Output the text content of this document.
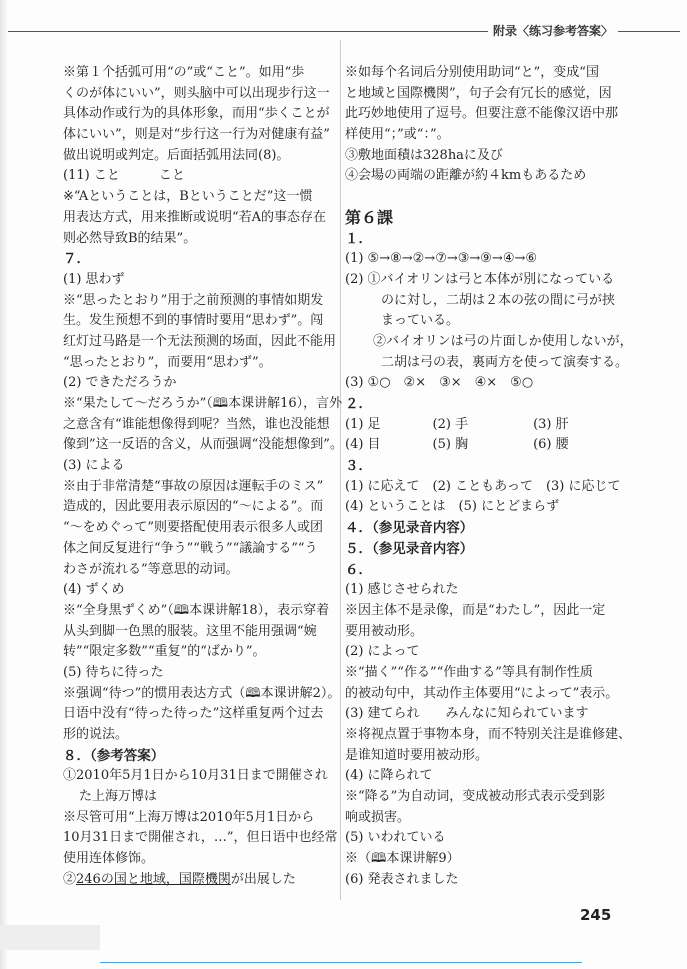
附录〈练习参考答案〉
※第１个括弧可用“の”或“こと”。如用“歩
くのが体にいい”，则头脑中可以出现步行这一
具体动作或行为的具体形象，而用“歩くことが
体にいい”，则是对“步行这一行为对健康有益”
做出说明或判定。后面括弧用法同(8)。
(11) こと　　　こと
※“Aということは，Bということだ”这一惯
用表达方式，用来推断或说明“若A的事态存在
则必然导致B的结果”。
７．
(1) 思わず
※“思ったとおり”用于之前预测的事情如期发
生。发生预想不到的事情时要用“思わず”。闯
红灯过马路是一个无法预测的场面，因此不能用
“思ったとおり”，而要用“思わず”。
(2) できただろうか
※“果たして～だろうか”（🕮本课讲解16），言外
之意含有“谁能想像得到呢？当然，谁也没能想
像到”这一反语的含义，从而强调“没能想像到”。
(3) による
※由于非常清楚“事故の原因は運転手のミス”
造成的，因此要用表示原因的“～による”。而
“～をめぐって”则要搭配使用表示很多人或团
体之间反复进行“争う”“戦う”“議論する”“う
わさが流れる”等意思的动词。
(4) ずくめ
※“全身黒ずくめ”（🕮本课讲解18），表示穿着
从头到脚一色黑的服装。这里不能用强调“婉
转”“限定多数”“重复”的“ばかり”。
(5) 待ちに待った
※强调“待つ”的惯用表达方式（🕮本课讲解2）。
日语中没有“待った待った”这样重复两个过去
形的说法。
８．（参考答案）
①2010年5月1日から10月31日まで開催され
た上海万博は
※尽管可用“上海万博は2010年5月1日から
10月31日まで開催され，…”，但日语中也经常
使用连体修饰。
②246の国と地域，国際機関が出展した
※如每个名词后分别使用助词“と”，变成“国
と地域と国際機関”，句子会有冗长的感觉，因
此巧妙地使用了逗号。但要注意不能像汉语中那
样使用“；”或“：”。
③敷地面積は328haに及び
④会場の両端の距離が約４kmもあるため
第６課
１．
(1) ⑤→⑧→②→⑦→③→⑨→④→⑥
(2) ①バイオリンは弓と本体が別になっている
のに対し，二胡は２本の弦の間に弓が挟
まっている。
②バイオリンは弓の片面しか使用しないが，
二胡は弓の表，裏両方を使って演奏する。
(3) ①○　②×　③×　④×　⑤○
２．
(1) 足　　　　(2) 手　　　　　(3) 肝
(4) 目　　　　(5) 胸　　　　　(6) 腰
３．
(1) に応えて　(2) こともあって　(3) に応じて
(4) ということは　(5) にとどまらず
４．（参见录音内容）
５．（参见录音内容）
６．
(1) 感じさせられた
※因主体不是录像，而是“わたし”，因此一定
要用被动形。
(2) によって
※“描く”“作る”“作曲する”等具有制作性质
的被动句中，其动作主体要用“によって”表示。
(3) 建てられ　　みんなに知られています
※将视点置于事物本身，而不特别关注是谁修建、
是谁知道时要用被动形。
(4) に降られて
※“降る”为自动词，变成被动形式表示受到影
响或损害。
(5) いわれている
※（🕮本课讲解9）
(6) 発表されました
245
